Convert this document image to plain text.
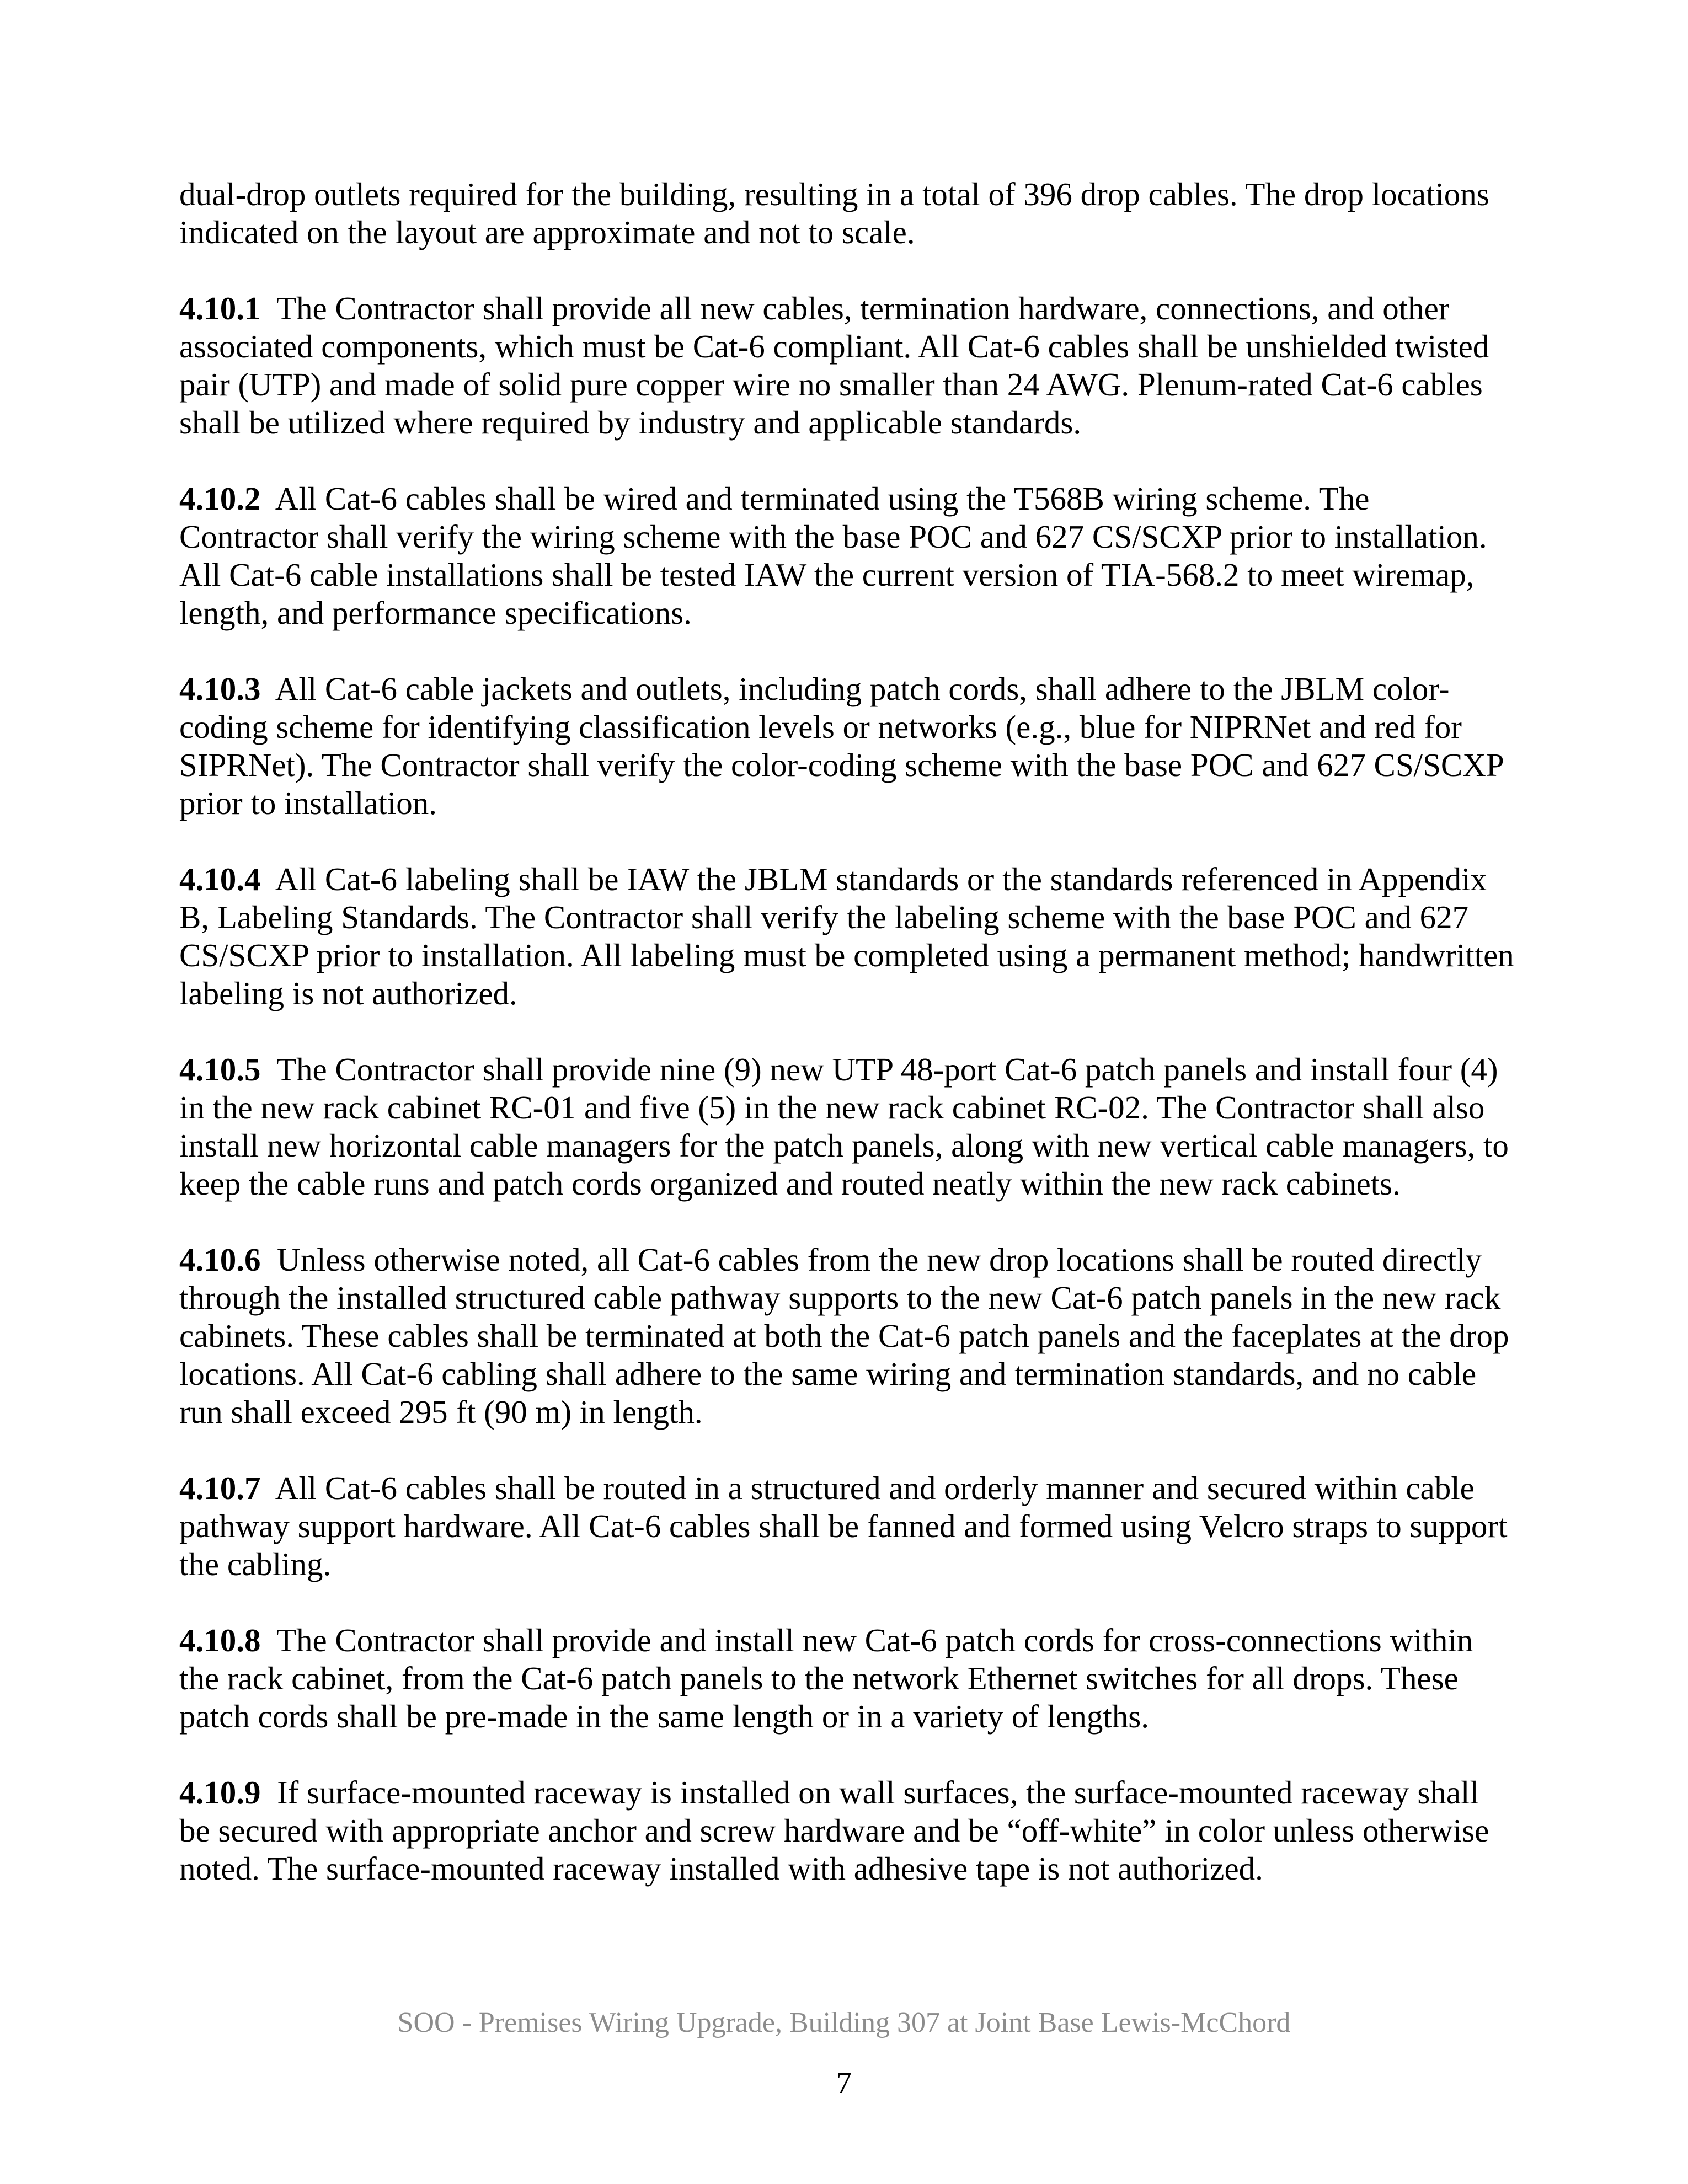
dual-drop outlets required for the building, resulting in a total of 396 drop cables. The drop locations indicated on the layout are approximate and not to scale.

4.10.1 The Contractor shall provide all new cables, termination hardware, connections, and other associated components, which must be Cat-6 compliant. All Cat-6 cables shall be unshielded twisted pair (UTP) and made of solid pure copper wire no smaller than 24 AWG. Plenum-rated Cat-6 cables shall be utilized where required by industry and applicable standards.

4.10.2 All Cat-6 cables shall be wired and terminated using the T568B wiring scheme. The Contractor shall verify the wiring scheme with the base POC and 627 CS/SCXP prior to installation. All Cat-6 cable installations shall be tested IAW the current version of TIA-568.2 to meet wiremap, length, and performance specifications.

4.10.3 All Cat-6 cable jackets and outlets, including patch cords, shall adhere to the JBLM color-coding scheme for identifying classification levels or networks (e.g., blue for NIPRNet and red for SIPRNet). The Contractor shall verify the color-coding scheme with the base POC and 627 CS/SCXP prior to installation.

4.10.4 All Cat-6 labeling shall be IAW the JBLM standards or the standards referenced in Appendix B, Labeling Standards. The Contractor shall verify the labeling scheme with the base POC and 627 CS/SCXP prior to installation. All labeling must be completed using a permanent method; handwritten labeling is not authorized.

4.10.5 The Contractor shall provide nine (9) new UTP 48-port Cat-6 patch panels and install four (4) in the new rack cabinet RC-01 and five (5) in the new rack cabinet RC-02. The Contractor shall also install new horizontal cable managers for the patch panels, along with new vertical cable managers, to keep the cable runs and patch cords organized and routed neatly within the new rack cabinets.

4.10.6 Unless otherwise noted, all Cat-6 cables from the new drop locations shall be routed directly through the installed structured cable pathway supports to the new Cat-6 patch panels in the new rack cabinets. These cables shall be terminated at both the Cat-6 patch panels and the faceplates at the drop locations. All Cat-6 cabling shall adhere to the same wiring and termination standards, and no cable run shall exceed 295 ft (90 m) in length.

4.10.7 All Cat-6 cables shall be routed in a structured and orderly manner and secured within cable pathway support hardware. All Cat-6 cables shall be fanned and formed using Velcro straps to support the cabling.

4.10.8 The Contractor shall provide and install new Cat-6 patch cords for cross-connections within the rack cabinet, from the Cat-6 patch panels to the network Ethernet switches for all drops. These patch cords shall be pre-made in the same length or in a variety of lengths.

4.10.9 If surface-mounted raceway is installed on wall surfaces, the surface-mounted raceway shall be secured with appropriate anchor and screw hardware and be “off-white” in color unless otherwise noted. The surface-mounted raceway installed with adhesive tape is not authorized.

SOO - Premises Wiring Upgrade, Building 307 at Joint Base Lewis-McChord
7
